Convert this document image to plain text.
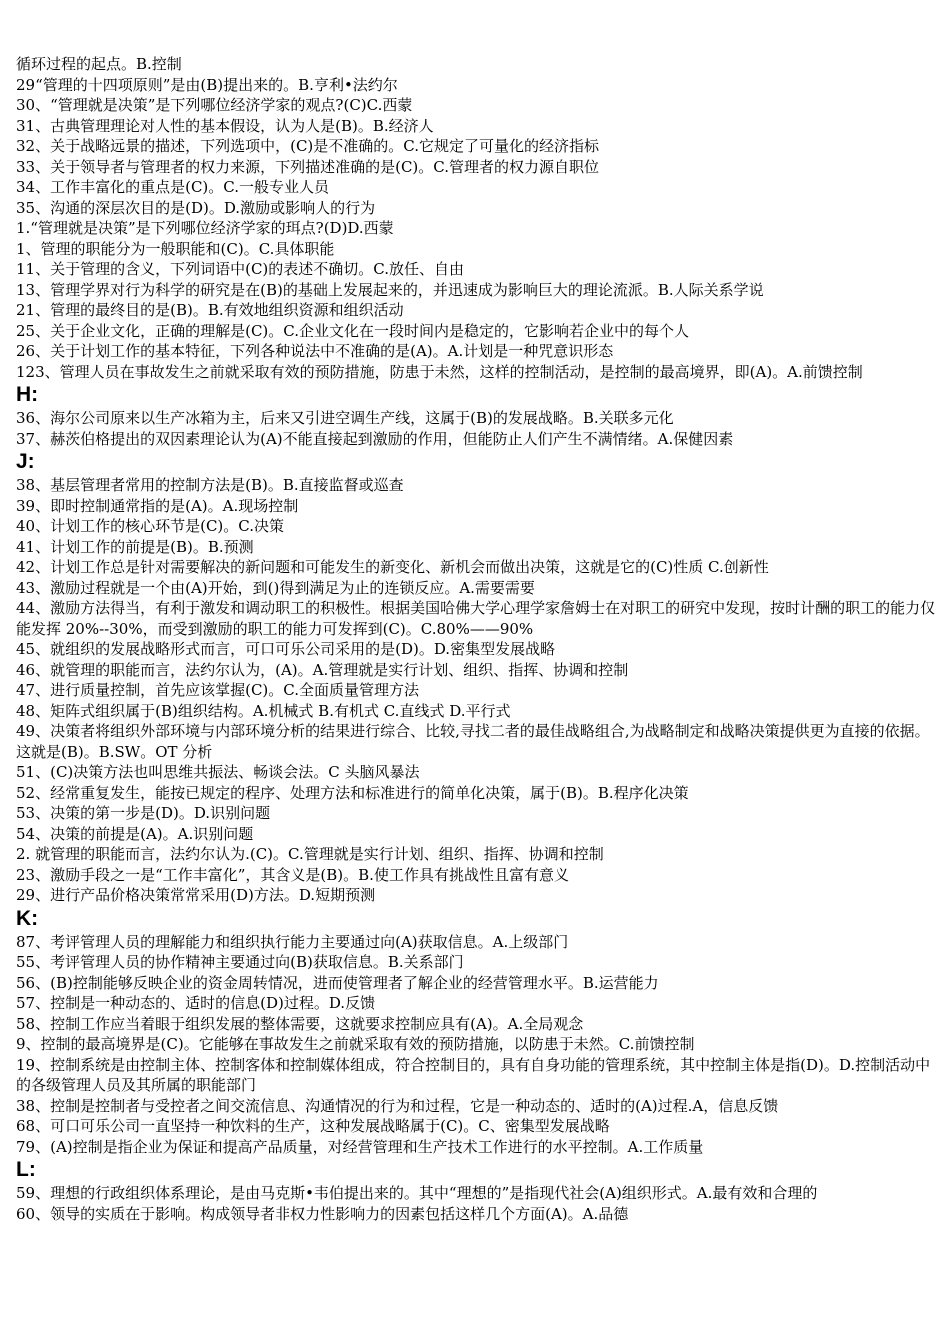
循环过程的起点。B.控制
29“管理的十四项原则”是由(B)提出来的。B.亨利•法约尔
30、“管理就是决策”是下列哪位经济学家的观点?(C)C.西蒙
31、古典管理理论对人性的基本假设，认为人是(B)。B.经济人
32、关于战略远景的描述，下列选项中，(C)是不准确的。C.它规定了可量化的经济指标
33、关于领导者与管理者的权力来源，下列描述准确的是(C)。C.管理者的权力源自职位
34、工作丰富化的重点是(C)。C.一般专业人员
35、沟通的深层次目的是(D)。D.激励或影响人的行为
1.“管理就是决策”是下列哪位经济学家的珥点?(D)D.西蒙
1、管理的职能分为一般职能和(C)。C.具体职能
11、关于管理的含义，下列词语中(C)的表述不确切。C.放任、自由
13、管理学界对行为科学的研究是在(B)的基础上发展起来的，并迅速成为影响巨大的理论流派。B.人际关系学说
21、管理的最终目的是(B)。B.有效地组织资源和组织活动
25、关于企业文化，正确的理解是(C)。C.企业文化在一段时间内是稳定的，它影响若企业中的每个人
26、关于计划工作的基本特征，下列各种说法中不准确的是(A)。A.计划是一种咒意识形态
123、管理人员在事故发生之前就采取有效的预防措施，防患于未然，这样的控制活动，是控制的最高境界，即(A)。A.前馈控制
H:
36、海尔公司原来以生产冰箱为主，后来又引进空调生产线，这属于(B)的发展战略。B.关联多元化
37、赫茨伯格提出的双因素理论认为(A)不能直接起到激励的作用，但能防止人们产生不满情绪。A.保健因素
J:
38、基层管理者常用的控制方法是(B)。B.直接监督或巡查
39、即时控制通常指的是(A)。A.现场控制
40、计划工作的核心环节是(C)。C.决策
41、计划工作的前提是(B)。B.预测
42、计划工作总是针对需要解决的新问题和可能发生的新变化、新机会而做出决策，这就是它的(C)性质 C.创新性
43、激励过程就是一个由(A)开始，到()得到满足为止的连锁反应。A.需要需要
44、激励方法得当，有利于激发和调动职工的积极性。根据美国哈佛大学心理学家詹姆士在对职工的研究中发现，按时计酬的职工的能力仅能发挥 20%--30%，而受到激励的职工的能力可发挥到(C)。C.80%——90%
45、就组织的发展战略形式而言，可口可乐公司采用的是(D)。D.密集型发展战略
46、就管理的职能而言，法约尔认为，(A)。A.管理就是实行计划、组织、指挥、协调和控制
47、进行质量控制，首先应该掌握(C)。C.全面质量管理方法
48、矩阵式组织属于(B)组织结构。A.机械式 B.有机式 C.直线式 D.平行式
49、决策者将组织外部环境与内部环境分析的结果进行综合、比较,寻找二者的最佳战略组合,为战略制定和战略决策提供更为直接的依据。这就是(B)。B.SW。OT 分析
51、(C)决策方法也叫思维共振法、畅谈会法。C 头脑风暴法
52、经常重复发生，能按已规定的程序、处理方法和标准进行的简单化决策，属于(B)。B.程序化决策
53、决策的第一步是(D)。D.识别问题
54、决策的前提是(A)。A.识别问题
2. 就管理的职能而言，法约尔认为.(C)。C.管理就是实行计划、组织、指挥、协调和控制
23、激励手段之一是“工作丰富化”，其含义是(B)。B.使工作具有挑战性且富有意义
29、进行产品价格决策常常采用(D)方法。D.短期预测
K:
87、考评管理人员的理解能力和组织执行能力主要通过向(A)获取信息。A.上级部门
55、考评管理人员的协作精神主要通过向(B)获取信息。B.关系部门
56、(B)控制能够反映企业的资金周转情况，进而使管理者了解企业的经营管理水平。B.运营能力
57、控制是一种动态的、适时的信息(D)过程。D.反馈
58、控制工作应当着眼于组织发展的整体需要，这就要求控制应具有(A)。A.全局观念
9、控制的最高境界是(C)。它能够在事故发生之前就采取有效的预防措施，以防患于未然。C.前馈控制
19、控制系统是由控制主体、控制客体和控制媒体组成，符合控制目的，具有自身功能的管理系统，其中控制主体是指(D)。D.控制活动中的各级管理人员及其所属的职能部门
38、控制是控制者与受控者之间交流信息、沟通情况的行为和过程，它是一种动态的、适时的(A)过程.A，信息反馈
68、可口可乐公司一直坚持一种饮料的生产，这种发展战略属于(C)。C、密集型发展战略
79、(A)控制是指企业为保证和提高产品质量，对经营管理和生产技术工作进行的水平控制。A.工作质量
L:
59、理想的行政组织体系理论，是由马克斯•韦伯提出来的。其中“理想的”是指现代社会(A)组织形式。A.最有效和合理的
60、领导的实质在于影响。构成领导者非权力性影响力的因素包括这样几个方面(A)。A.品德
